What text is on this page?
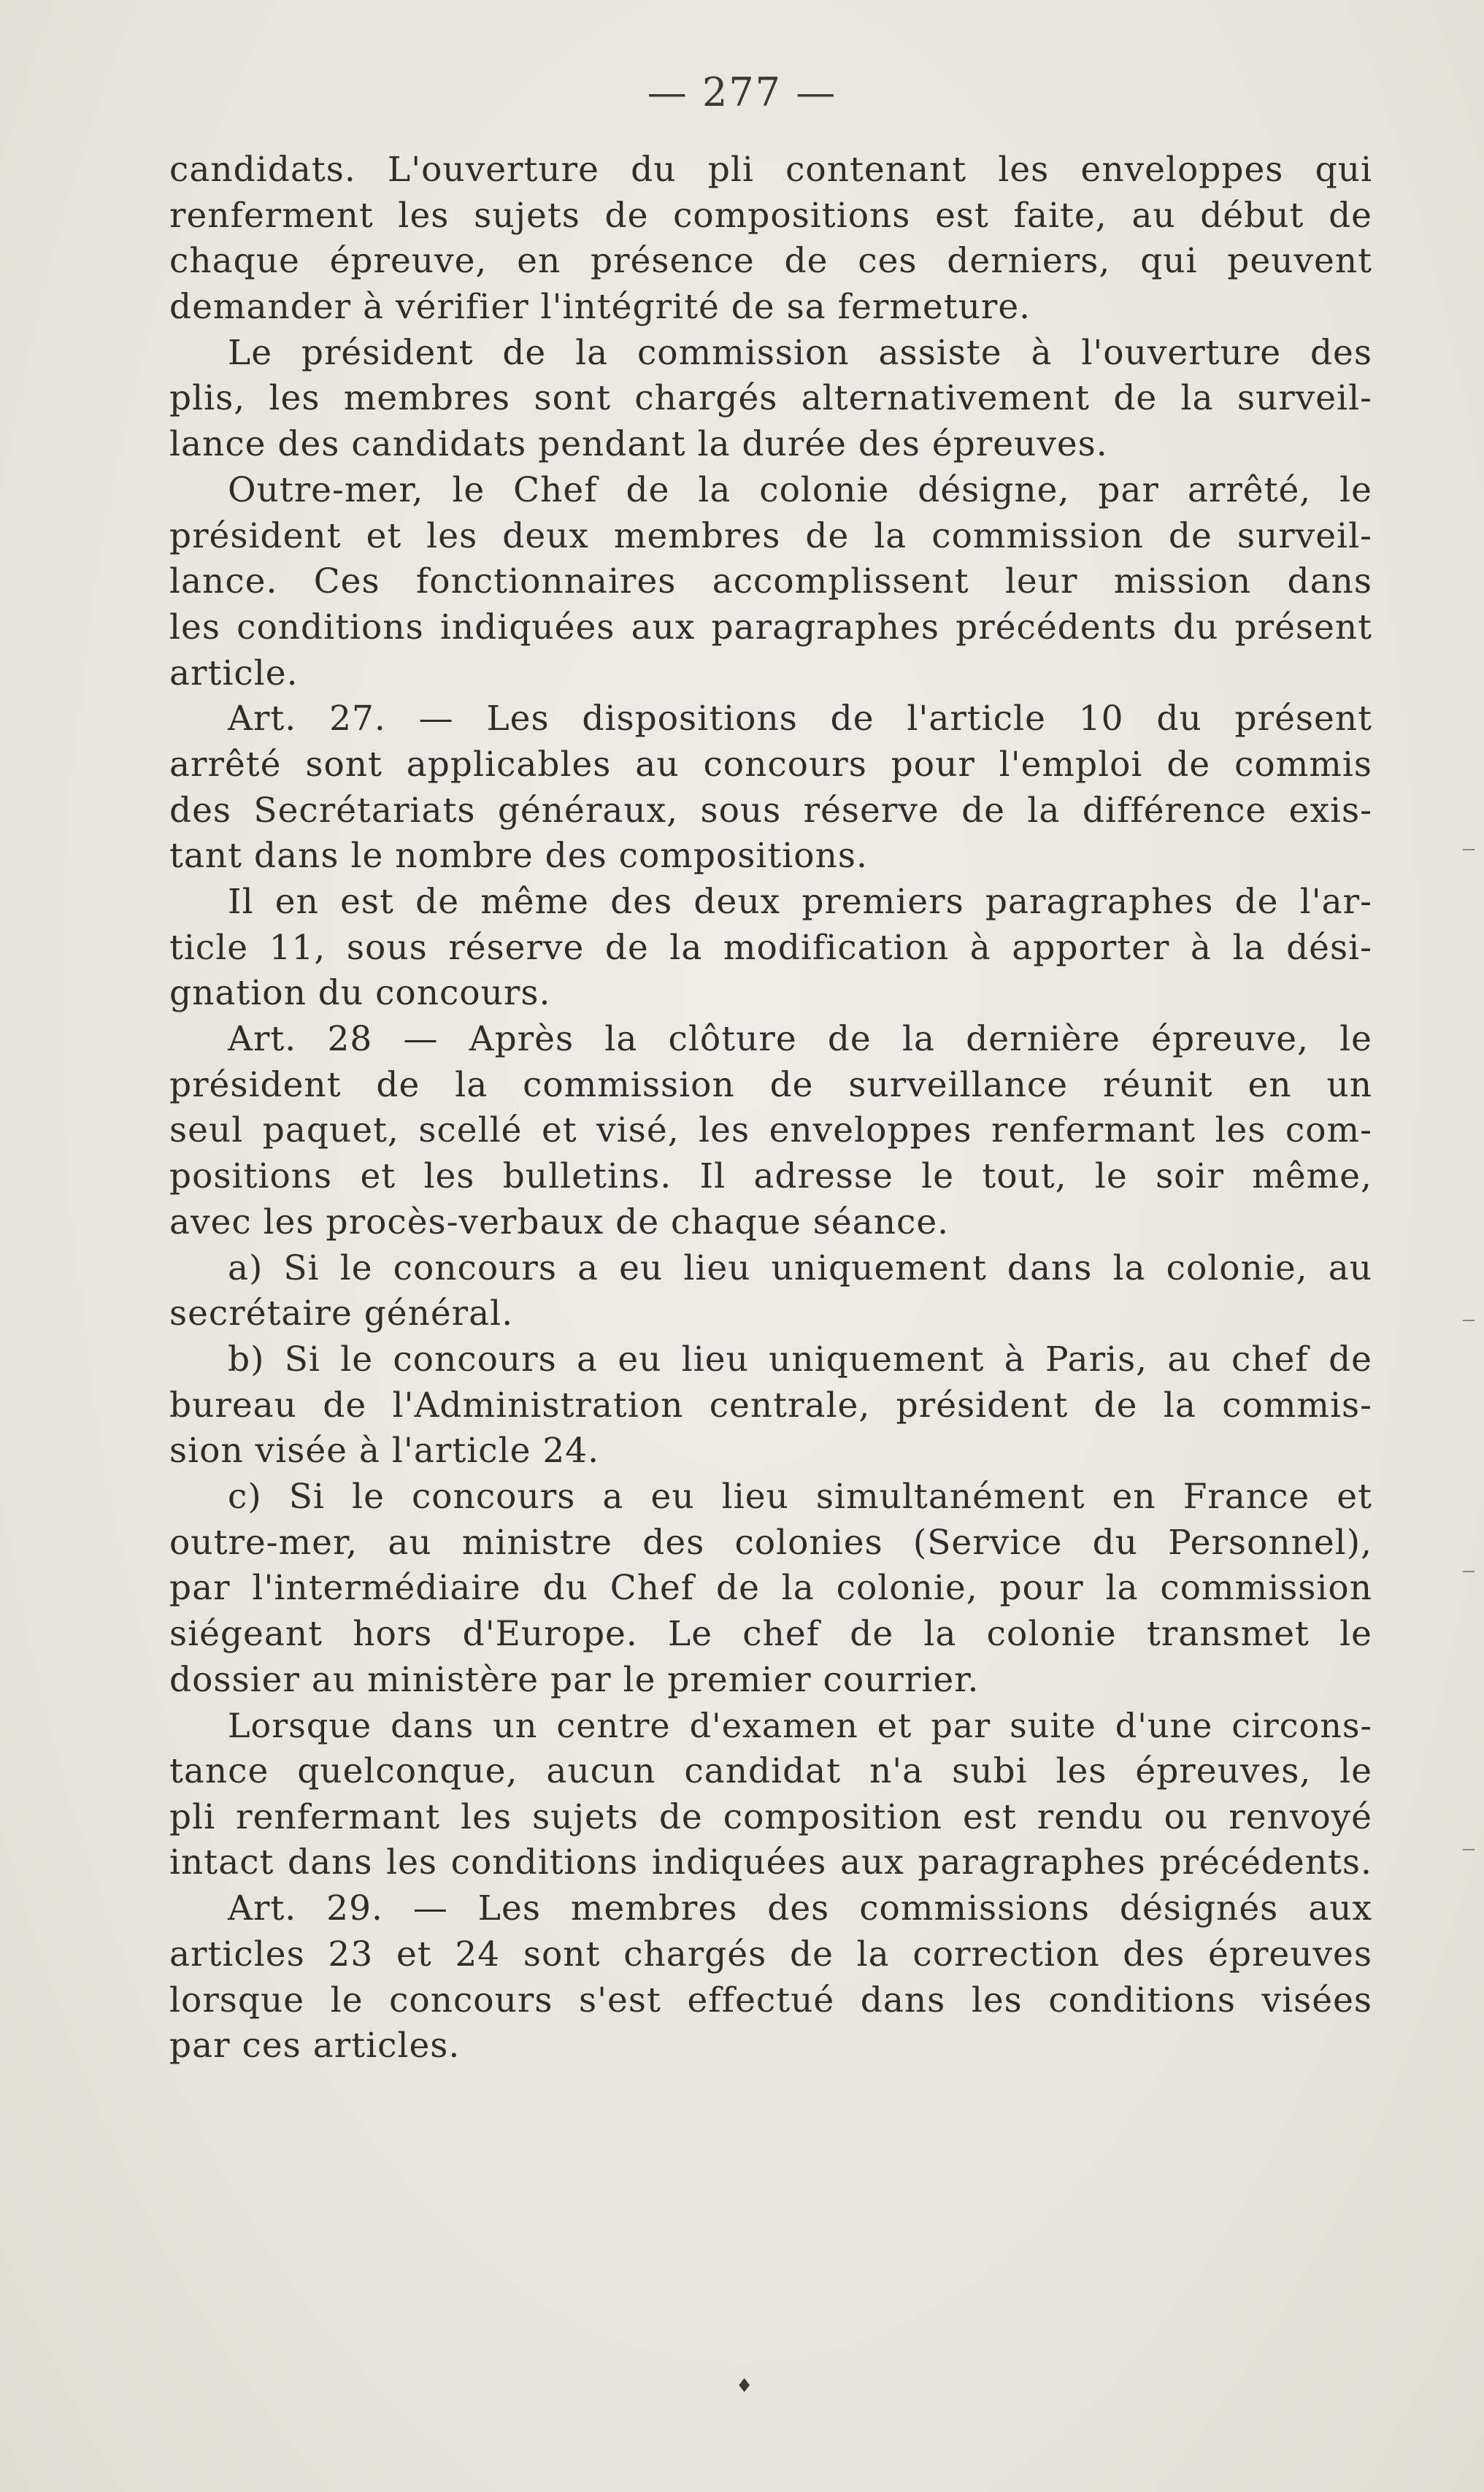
— 277 —
candidats. L'ouverture du pli contenant les enveloppes qui
renferment les sujets de compositions est faite, au début de
chaque épreuve, en présence de ces derniers, qui peuvent
demander à vérifier l'intégrité de sa fermeture.
Le président de la commission assiste à l'ouverture des
plis, les membres sont chargés alternativement de la surveil-
lance des candidats pendant la durée des épreuves.
Outre-mer, le Chef de la colonie désigne, par arrêté, le
président et les deux membres de la commission de surveil-
lance. Ces fonctionnaires accomplissent leur mission dans
les conditions indiquées aux paragraphes précédents du présent
article.
Art. 27. — Les dispositions de l'article 10 du présent
arrêté sont applicables au concours pour l'emploi de commis
des Secrétariats généraux, sous réserve de la différence exis-
tant dans le nombre des compositions.
Il en est de même des deux premiers paragraphes de l'ar-
ticle 11, sous réserve de la modification à apporter à la dési-
gnation du concours.
Art. 28 — Après la clôture de la dernière épreuve, le
président de la commission de surveillance réunit en un
seul paquet, scellé et visé, les enveloppes renfermant les com-
positions et les bulletins. Il adresse le tout, le soir même,
avec les procès-verbaux de chaque séance.
a) Si le concours a eu lieu uniquement dans la colonie, au
secrétaire général.
b) Si le concours a eu lieu uniquement à Paris, au chef de
bureau de l'Administration centrale, président de la commis-
sion visée à l'article 24.
c) Si le concours a eu lieu simultanément en France et
outre-mer, au ministre des colonies (Service du Personnel),
par l'intermédiaire du Chef de la colonie, pour la commission
siégeant hors d'Europe. Le chef de la colonie transmet le
dossier au ministère par le premier courrier.
Lorsque dans un centre d'examen et par suite d'une circons-
tance quelconque, aucun candidat n'a subi les épreuves, le
pli renfermant les sujets de composition est rendu ou renvoyé
intact dans les conditions indiquées aux paragraphes précédents.
Art. 29. — Les membres des commissions désignés aux
articles 23 et 24 sont chargés de la correction des épreuves
lorsque le concours s'est effectué dans les conditions visées
par ces articles.
♦
